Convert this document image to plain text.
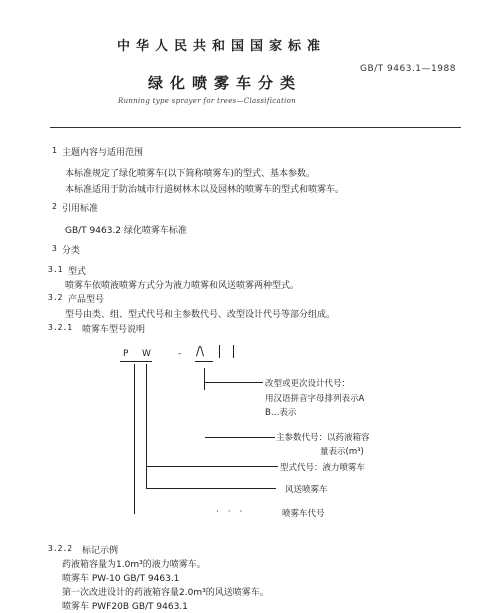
中华人民共和国国家标准
GB/T 9463.1—1988
绿化喷雾车分类
Running type sprayer for trees—Classification
1 主题内容与适用范围
本标准规定了绿化喷雾车(以下简称喷雾车)的型式、基本参数。
本标准适用于防治城市行道树林木以及园林的喷雾车的型式和喷雾车。
2 引用标准
GB/T 9463.2 绿化喷雾车标准
3 分类
3.1 型式
喷雾车依喷液喷雾方式分为液力喷雾和风送喷雾两种型式。
3.2 产品型号
型号由类、组、型式代号和主参数代号、改型设计代号等部分组成。
3.2.1 喷雾车型号说明
P W	- /\
改型或更次设计代号：
用汉语拼音字母排列表示A
B…表示
主参数代号：以药液箱容
量表示(m³)
型式代号：液力喷雾车
风送喷雾车
· · ·	喷雾车代号
3.2.2 标记示例
药液箱容量为1.0m³的液力喷雾车。
喷雾车 PW-10 GB/T 9463.1
第一次改进设计的药液箱容量2.0m³的风送喷雾车。
喷雾车 PWF20B GB/T 9463.1
